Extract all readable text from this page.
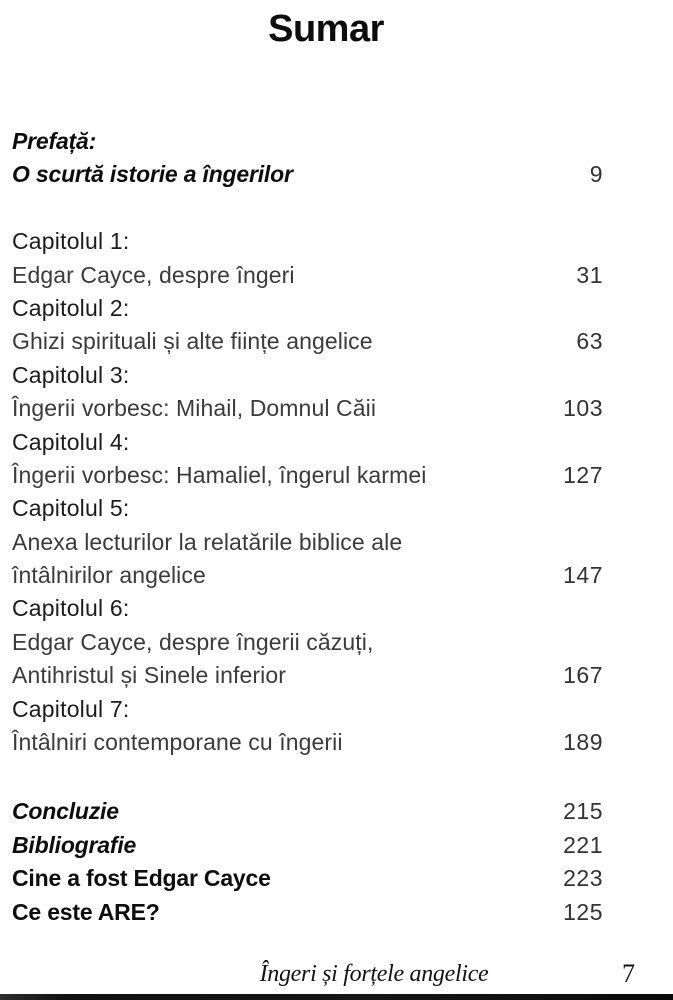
Sumar
Prefață:
O scurtă istorie a îngerilor	9
Capitolul 1:
Edgar Cayce, despre îngeri	31
Capitolul 2:
Ghizi spirituali și alte ființe angelice	63
Capitolul 3:
Îngerii vorbesc: Mihail, Domnul Căii	103
Capitolul 4:
Îngerii vorbesc: Hamaliel, îngerul karmei	127
Capitolul 5:
Anexa lecturilor la relatările biblice ale
întâlnirilor angelice	147
Capitolul 6:
Edgar Cayce, despre îngerii căzuți,
Antihristul și Sinele inferior	167
Capitolul 7:
Întâlniri contemporane cu îngerii	189
Concluzie	215
Bibliografie	221
Cine a fost Edgar Cayce	223
Ce este ARE?	125
Îngeri și forțele angelice	7
